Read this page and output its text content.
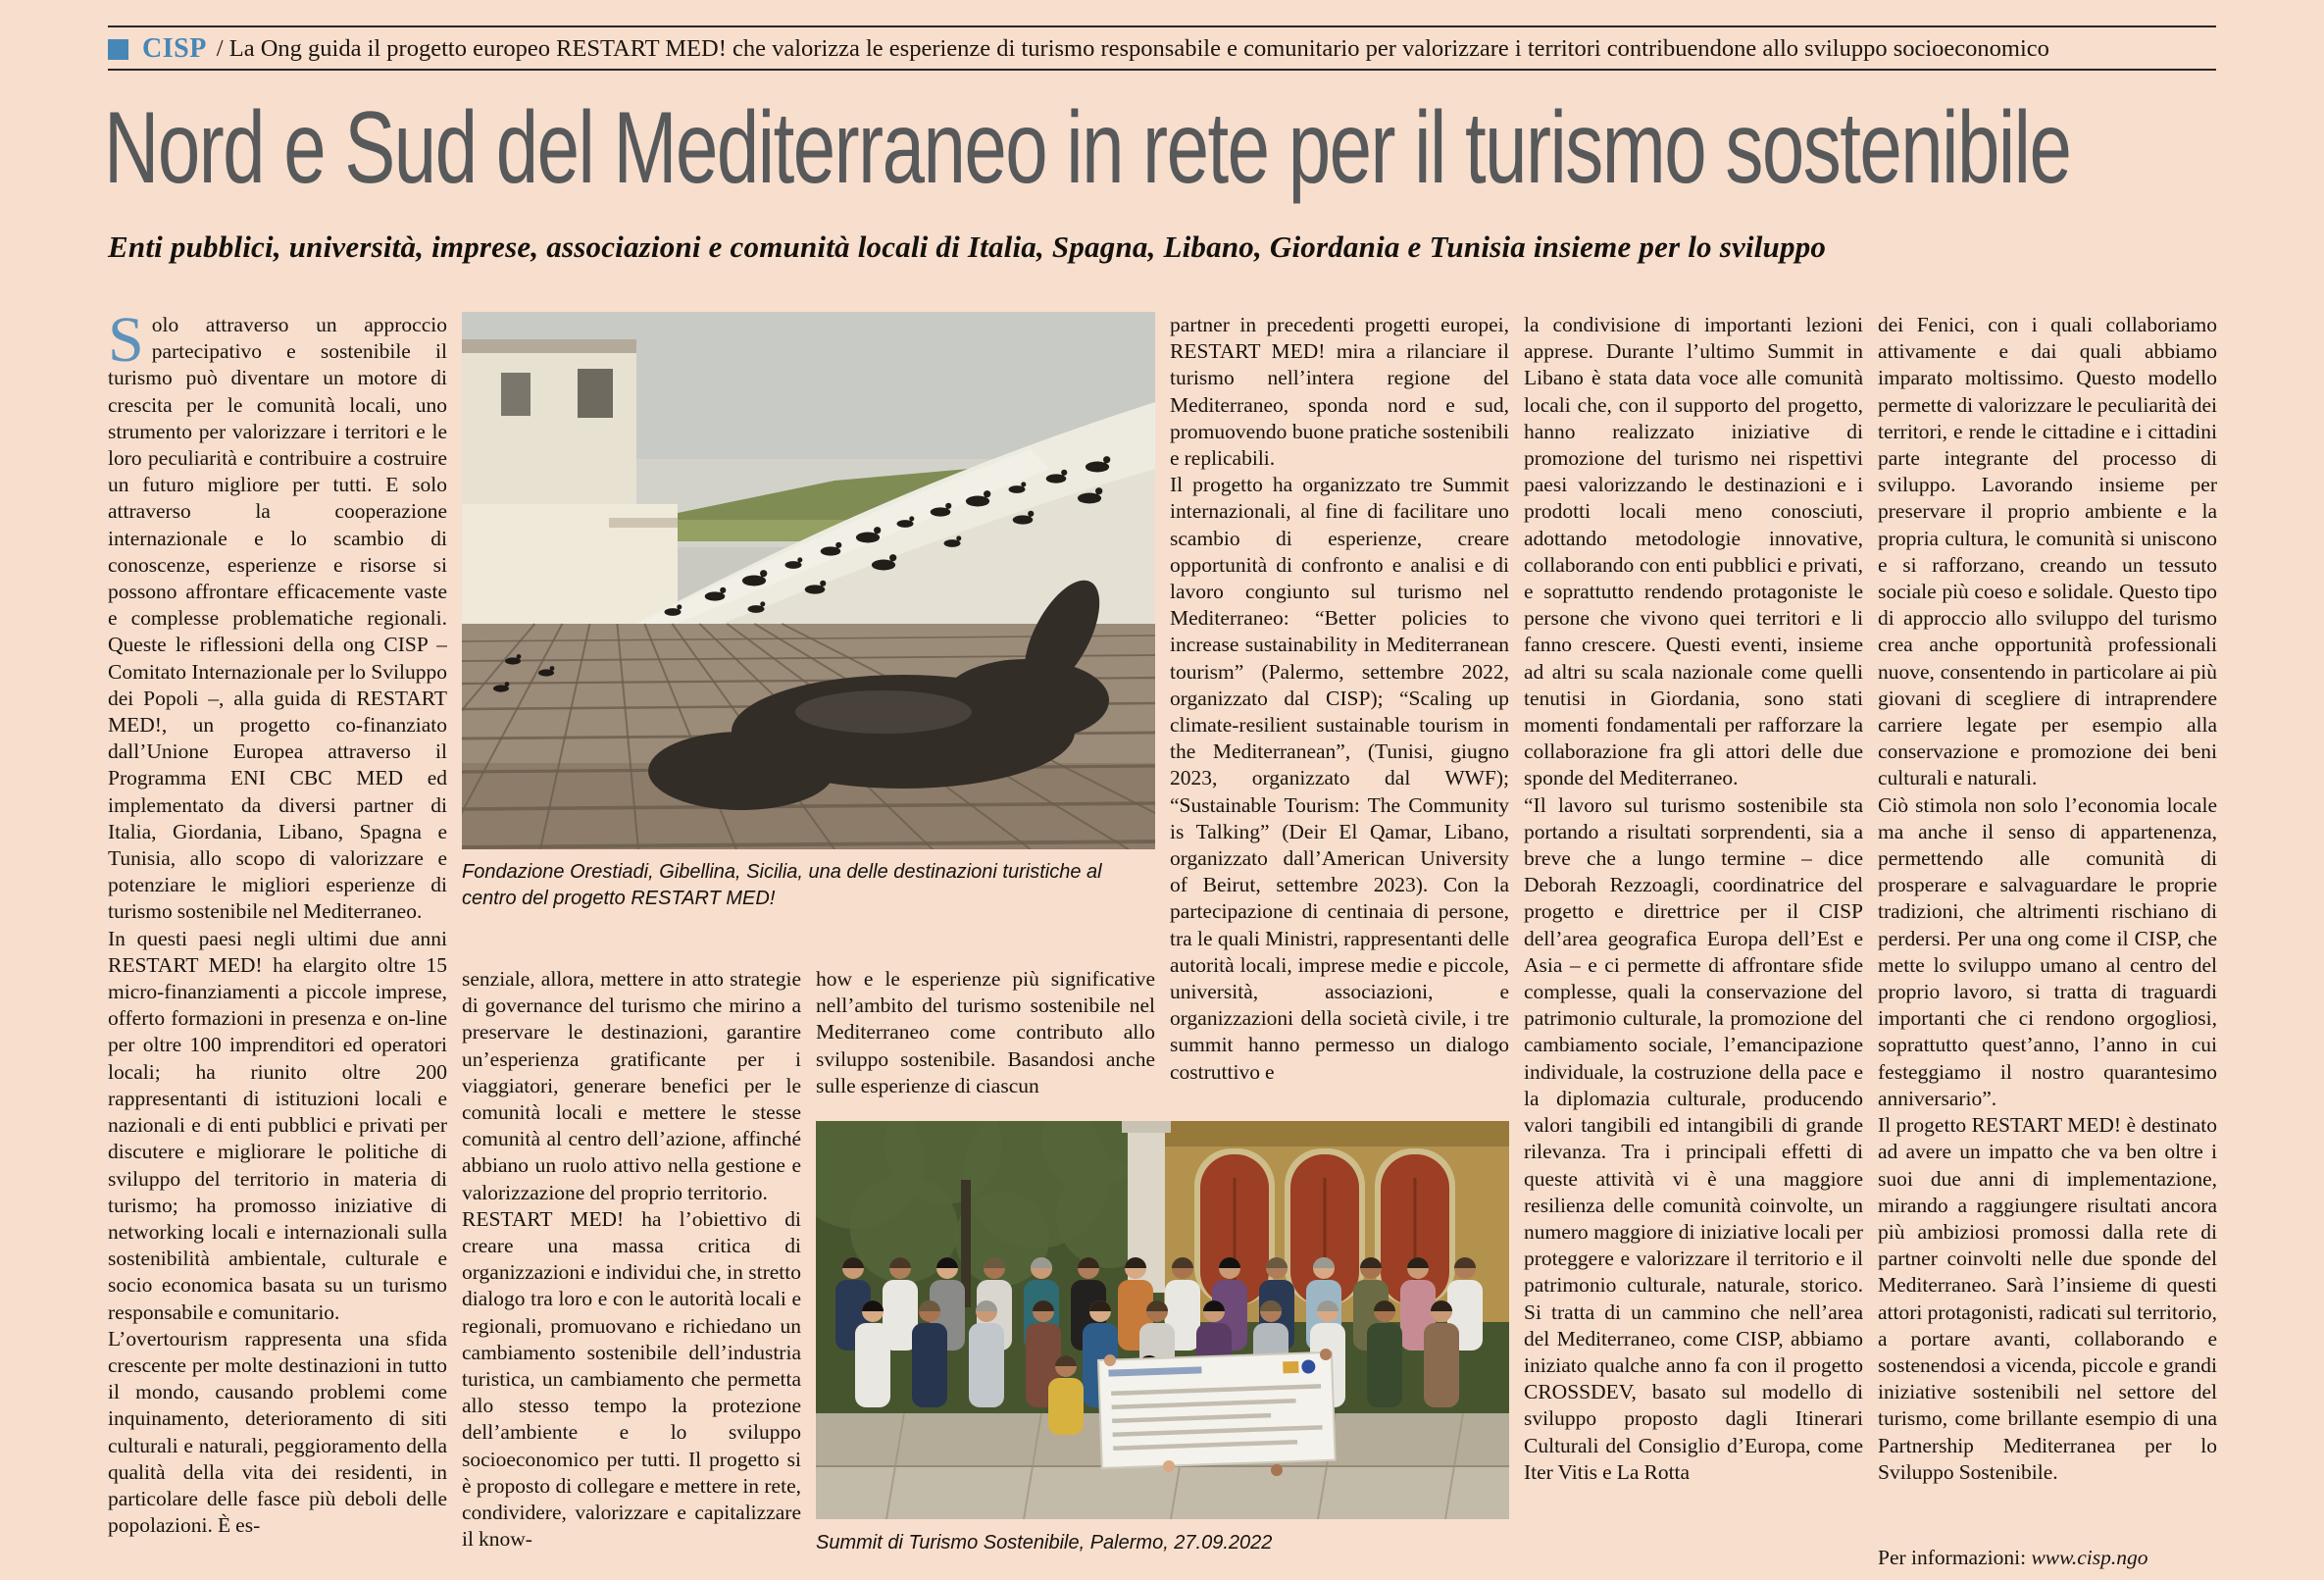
CISP / La Ong guida il progetto europeo RESTART MED! che valorizza le esperienze di turismo responsabile e comunitario per valorizzare i territori contribuendone allo sviluppo socioeconomico
Nord e Sud del Mediterraneo in rete per il turismo sostenibile
Enti pubblici, università, imprese, associazioni e comunità locali di Italia, Spagna, Libano, Giordania e Tunisia insieme per lo sviluppo

Solo attraverso un approccio partecipativo e sostenibile il turismo può diventare un motore di crescita per le comunità locali, uno strumento per valorizzare i territori e le loro peculiarità e contribuire a costruire un futuro migliore per tutti. E solo attraverso la cooperazione internazionale e lo scambio di conoscenze, esperienze e risorse si possono affrontare efficacemente vaste e complesse problematiche regionali. Queste le riflessioni della ong CISP – Comitato Internazionale per lo Sviluppo dei Popoli –, alla guida di RESTART MED!, un progetto co-finanziato dall’Unione Europea attraverso il Programma ENI CBC MED ed implementato da diversi partner di Italia, Giordania, Libano, Spagna e Tunisia, allo scopo di valorizzare e potenziare le migliori esperienze di turismo sostenibile nel Mediterraneo.

In questi paesi negli ultimi due anni RESTART MED! ha elargito oltre 15 micro-finanziamenti a piccole imprese, offerto formazioni in presenza e on-line per oltre 100 imprenditori ed operatori locali; ha riunito oltre 200 rappresentanti di istituzioni locali e nazionali e di enti pubblici e privati per discutere e migliorare le politiche di sviluppo del territorio in materia di turismo; ha promosso iniziative di networking locali e internazionali sulla sostenibilità ambientale, culturale e socio economica basata su un turismo responsabile e comunitario.

L’overtourism rappresenta una sfida crescente per molte destinazioni in tutto il mondo, causando problemi come inquinamento, deterioramento di siti culturali e naturali, peggioramento della qualità della vita dei residenti, in particolare delle fasce più deboli delle popolazioni. È es-

Fondazione Orestiadi, Gibellina, Sicilia, una delle destinazioni turistiche al centro del progetto RESTART MED!

senziale, allora, mettere in atto strategie di governance del turismo che mirino a preservare le destinazioni, garantire un’esperienza gratificante per i viaggiatori, generare benefici per le comunità locali e mettere le stesse comunità al centro dell’azione, affinché abbiano un ruolo attivo nella gestione e valorizzazione del proprio territorio.

RESTART MED! ha l’obiettivo di creare una massa critica di organizzazioni e individui che, in stretto dialogo tra loro e con le autorità locali e regionali, promuovano e richiedano un cambiamento sostenibile dell’industria turistica, un cambiamento che permetta allo stesso tempo la protezione dell’ambiente e lo sviluppo socioeconomico per tutti. Il progetto si è proposto di collegare e mettere in rete, condividere, valorizzare e capitalizzare il know-

how e le esperienze più significative nell’ambito del turismo sostenibile nel Mediterraneo come contributo allo sviluppo sostenibile. Basandosi anche sulle esperienze di ciascun

Summit di Turismo Sostenibile, Palermo, 27.09.2022

partner in precedenti progetti europei, RESTART MED! mira a rilanciare il turismo nell’intera regione del Mediterraneo, sponda nord e sud, promuovendo buone pratiche sostenibili e replicabili.

Il progetto ha organizzato tre Summit internazionali, al fine di facilitare uno scambio di esperienze, creare opportunità di confronto e analisi e di lavoro congiunto sul turismo nel Mediterraneo: “Better policies to increase sustainability in Mediterranean tourism” (Palermo, settembre 2022, organizzato dal CISP); “Scaling up climate-resilient sustainable tourism in the Mediterranean”, (Tunisi, giugno 2023, organizzato dal WWF); “Sustainable Tourism: The Community is Talking” (Deir El Qamar, Libano, organizzato dall’American University of Beirut, settembre 2023). Con la partecipazione di centinaia di persone, tra le quali Ministri, rappresentanti delle autorità locali, imprese medie e piccole, università, associazioni, e organizzazioni della società civile, i tre summit hanno permesso un dialogo costruttivo e

la condivisione di importanti lezioni apprese. Durante l’ultimo Summit in Libano è stata data voce alle comunità locali che, con il supporto del progetto, hanno realizzato iniziative di promozione del turismo nei rispettivi paesi valorizzando le destinazioni e i prodotti locali meno conosciuti, adottando metodologie innovative, collaborando con enti pubblici e privati, e soprattutto rendendo protagoniste le persone che vivono quei territori e li fanno crescere. Questi eventi, insieme ad altri su scala nazionale come quelli tenutisi in Giordania, sono stati momenti fondamentali per rafforzare la collaborazione fra gli attori delle due sponde del Mediterraneo.

“Il lavoro sul turismo sostenibile sta portando a risultati sorprendenti, sia a breve che a lungo termine – dice Deborah Rezzoagli, coordinatrice del progetto e direttrice per il CISP dell’area geografica Europa dell’Est e Asia – e ci permette di affrontare sfide complesse, quali la conservazione del patrimonio culturale, la promozione del cambiamento sociale, l’emancipazione individuale, la costruzione della pace e la diplomazia culturale, producendo valori tangibili ed intangibili di grande rilevanza. Tra i principali effetti di queste attività vi è una maggiore resilienza delle comunità coinvolte, un numero maggiore di iniziative locali per proteggere e valorizzare il territorio e il patrimonio culturale, naturale, storico. Si tratta di un cammino che nell’area del Mediterraneo, come CISP, abbiamo iniziato qualche anno fa con il progetto CROSSDEV, basato sul modello di sviluppo proposto dagli Itinerari Culturali del Consiglio d’Europa, come Iter Vitis e La Rotta

dei Fenici, con i quali collaboriamo attivamente e dai quali abbiamo imparato moltissimo. Questo modello permette di valorizzare le peculiarità dei territori, e rende le cittadine e i cittadini parte integrante del processo di sviluppo. Lavorando insieme per preservare il proprio ambiente e la propria cultura, le comunità si uniscono e si rafforzano, creando un tessuto sociale più coeso e solidale. Questo tipo di approccio allo sviluppo del turismo crea anche opportunità professionali nuove, consentendo in particolare ai più giovani di scegliere di intraprendere carriere legate per esempio alla conservazione e promozione dei beni culturali e naturali.

Ciò stimola non solo l’economia locale ma anche il senso di appartenenza, permettendo alle comunità di prosperare e salvaguardare le proprie tradizioni, che altrimenti rischiano di perdersi. Per una ong come il CISP, che mette lo sviluppo umano al centro del proprio lavoro, si tratta di traguardi importanti che ci rendono orgogliosi, soprattutto quest’anno, l’anno in cui festeggiamo il nostro quarantesimo anniversario”.

Il progetto RESTART MED! è destinato ad avere un impatto che va ben oltre i suoi due anni di implementazione, mirando a raggiungere risultati ancora più ambiziosi promossi dalla rete di partner coinvolti nelle due sponde del Mediterraneo. Sarà l’insieme di questi attori protagonisti, radicati sul territorio, a portare avanti, collaborando e sostenendosi a vicenda, piccole e grandi iniziative sostenibili nel settore del turismo, come brillante esempio di una Partnership Mediterranea per lo Sviluppo Sostenibile.

Per informazioni: www.cisp.ngo
